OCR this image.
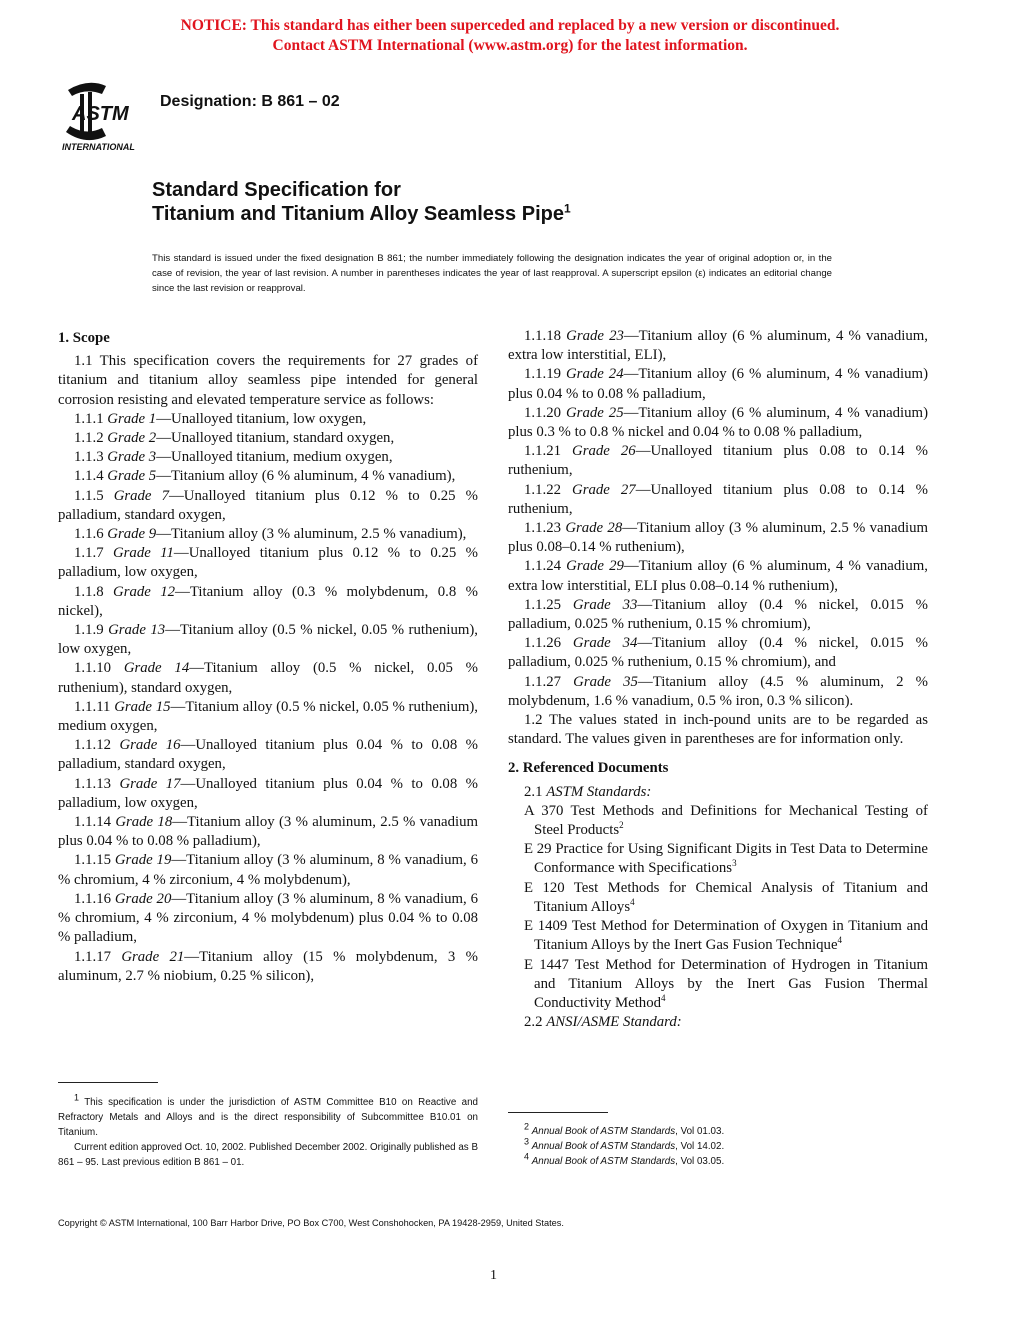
NOTICE: This standard has either been superceded and replaced by a new version or discontinued.
Contact ASTM International (www.astm.org) for the latest information.
ASTM
INTERNATIONAL
Designation: B 861 – 02
Standard Specification for
Titanium and Titanium Alloy Seamless Pipe$^1$
This standard is issued under the fixed designation B 861; the number immediately following the designation indicates the year of original adoption or, in the case of revision, the year of last revision. A number in parentheses indicates the year of last reapproval. A superscript epsilon (ε) indicates an editorial change since the last revision or reapproval.
1. Scope

1.1 This specification covers the requirements for 27 grades of titanium and titanium alloy seamless pipe intended for general corrosion resisting and elevated temperature service as follows:

1.1.1 Grade 1—Unalloyed titanium, low oxygen,

1.1.2 Grade 2—Unalloyed titanium, standard oxygen,

1.1.3 Grade 3—Unalloyed titanium, medium oxygen,

1.1.4 Grade 5—Titanium alloy (6 % aluminum, 4 % vanadium),

1.1.5 Grade 7—Unalloyed titanium plus 0.12 % to 0.25 % palladium, standard oxygen,

1.1.6 Grade 9—Titanium alloy (3 % aluminum, 2.5 % vanadium),

1.1.7 Grade 11—Unalloyed titanium plus 0.12 % to 0.25 % palladium, low oxygen,

1.1.8 Grade 12—Titanium alloy (0.3 % molybdenum, 0.8 % nickel),

1.1.9 Grade 13—Titanium alloy (0.5 % nickel, 0.05 % ruthenium), low oxygen,

1.1.10 Grade 14—Titanium alloy (0.5 % nickel, 0.05 % ruthenium), standard oxygen,

1.1.11 Grade 15—Titanium alloy (0.5 % nickel, 0.05 % ruthenium), medium oxygen,

1.1.12 Grade 16—Unalloyed titanium plus 0.04 % to 0.08 % palladium, standard oxygen,

1.1.13 Grade 17—Unalloyed titanium plus 0.04 % to 0.08 % palladium, low oxygen,

1.1.14 Grade 18—Titanium alloy (3 % aluminum, 2.5 % vanadium plus 0.04 % to 0.08 % palladium),

1.1.15 Grade 19—Titanium alloy (3 % aluminum, 8 % vanadium, 6 % chromium, 4 % zirconium, 4 % molybdenum),

1.1.16 Grade 20—Titanium alloy (3 % aluminum, 8 % vanadium, 6 % chromium, 4 % zirconium, 4 % molybdenum) plus 0.04 % to 0.08 % palladium,

1.1.17 Grade 21—Titanium alloy (15 % molybdenum, 3 % aluminum, 2.7 % niobium, 0.25 % silicon),

$^1$ This specification is under the jurisdiction of ASTM Committee B10 on Reactive and Refractory Metals and Alloys and is the direct responsibility of Subcommittee B10.01 on Titanium.

Current edition approved Oct. 10, 2002. Published December 2002. Originally published as B 861 – 95. Last previous edition B 861 – 01.

1.1.18 Grade 23—Titanium alloy (6 % aluminum, 4 % vanadium, extra low interstitial, ELI),

1.1.19 Grade 24—Titanium alloy (6 % aluminum, 4 % vanadium) plus 0.04 % to 0.08 % palladium,

1.1.20 Grade 25—Titanium alloy (6 % aluminum, 4 % vanadium) plus 0.3 % to 0.8 % nickel and 0.04 % to 0.08 % palladium,

1.1.21 Grade 26—Unalloyed titanium plus 0.08 to 0.14 % ruthenium,

1.1.22 Grade 27—Unalloyed titanium plus 0.08 to 0.14 % ruthenium,

1.1.23 Grade 28—Titanium alloy (3 % aluminum, 2.5 % vanadium plus 0.08–0.14 % ruthenium),

1.1.24 Grade 29—Titanium alloy (6 % aluminum, 4 % vanadium, extra low interstitial, ELI plus 0.08–0.14 % ruthenium),

1.1.25 Grade 33—Titanium alloy (0.4 % nickel, 0.015 % palladium, 0.025 % ruthenium, 0.15 % chromium),

1.1.26 Grade 34—Titanium alloy (0.4 % nickel, 0.015 % palladium, 0.025 % ruthenium, 0.15 % chromium), and

1.1.27 Grade 35—Titanium alloy (4.5 % aluminum, 2 % molybdenum, 1.6 % vanadium, 0.5 % iron, 0.3 % silicon).

1.2 The values stated in inch-pound units are to be regarded as standard. The values given in parentheses are for information only.

2. Referenced Documents

2.1 ASTM Standards:

A 370 Test Methods and Definitions for Mechanical Testing of Steel Products$^2$

E 29 Practice for Using Significant Digits in Test Data to Determine Conformance with Specifications$^3$

E 120 Test Methods for Chemical Analysis of Titanium and Titanium Alloys$^4$

E 1409 Test Method for Determination of Oxygen in Titanium and Titanium Alloys by the Inert Gas Fusion Technique$^4$

E 1447 Test Method for Determination of Hydrogen in Titanium and Titanium Alloys by the Inert Gas Fusion Thermal Conductivity Method$^4$

2.2 ANSI/ASME Standard:

$^2$ Annual Book of ASTM Standards, Vol 01.03.
$^3$ Annual Book of ASTM Standards, Vol 14.02.
$^4$ Annual Book of ASTM Standards, Vol 03.05.
Copyright © ASTM International, 100 Barr Harbor Drive, PO Box C700, West Conshohocken, PA 19428-2959, United States.
1
